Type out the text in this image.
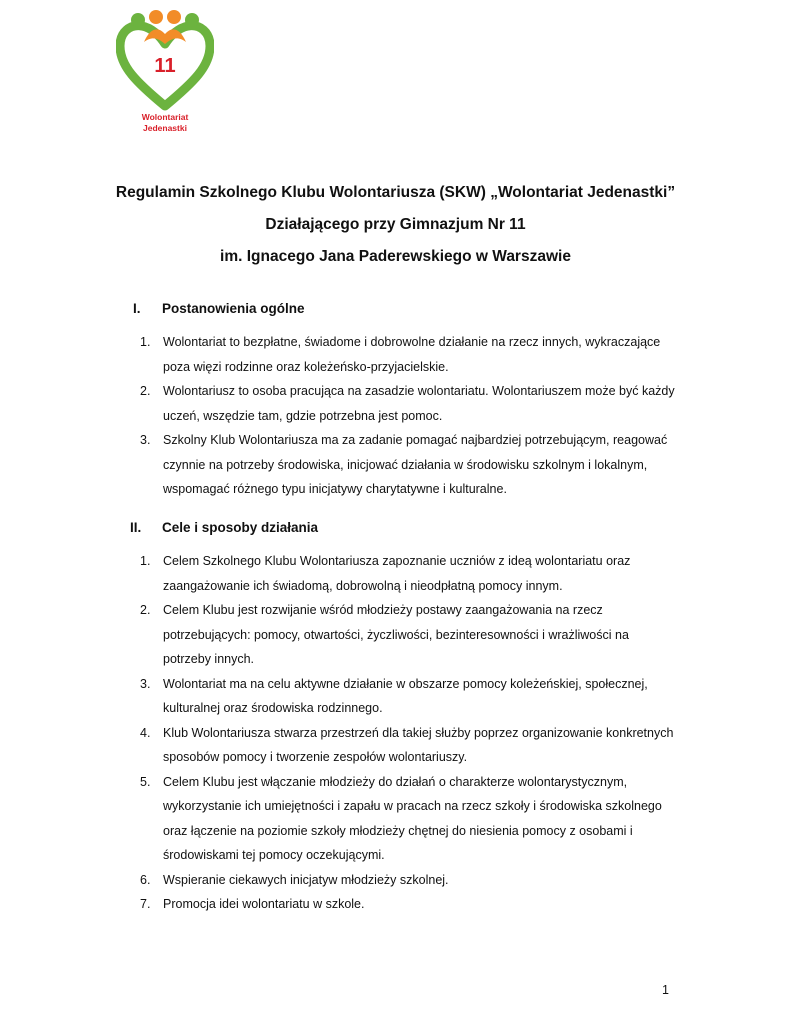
11
Wolontariat
Jedenastki
Regulamin Szkolnego Klubu Wolontariusza (SKW) „Wolontariat Jedenastki”
Działającego przy Gimnazjum Nr 11
im. Ignacego Jana Paderewskiego w Warszawie
I.	Postanowienia ogólne
1. Wolontariat to bezpłatne, świadome i dobrowolne działanie na rzecz innych, wykraczające
poza więzi rodzinne oraz koleżeńsko-przyjacielskie.
2. Wolontariusz to osoba pracująca na zasadzie wolontariatu. Wolontariuszem może być każdy
uczeń, wszędzie tam, gdzie potrzebna jest pomoc.
3. Szkolny Klub Wolontariusza ma za zadanie pomagać najbardziej potrzebującym, reagować
czynnie na potrzeby środowiska, inicjować działania w środowisku szkolnym i lokalnym,
wspomagać różnego typu inicjatywy charytatywne i kulturalne.
II.	Cele i sposoby działania
1. Celem Szkolnego Klubu Wolontariusza zapoznanie uczniów z ideą wolontariatu oraz
zaangażowanie ich świadomą, dobrowolną i nieodpłatną pomocy innym.
2. Celem Klubu jest rozwijanie wśród młodzieży postawy zaangażowania na rzecz
potrzebujących: pomocy, otwartości, życzliwości, bezinteresowności i wrażliwości na
potrzeby innych.
3. Wolontariat ma na celu aktywne działanie w obszarze pomocy koleżeńskiej, społecznej,
kulturalnej oraz środowiska rodzinnego.
4. Klub Wolontariusza stwarza przestrzeń dla takiej służby poprzez organizowanie konkretnych
sposobów pomocy i tworzenie zespołów wolontariuszy.
5. Celem Klubu jest włączanie młodzieży do działań o charakterze wolontarystycznym,
wykorzystanie ich umiejętności i zapału w pracach na rzecz szkoły i środowiska szkolnego
oraz łączenie na poziomie szkoły młodzieży chętnej do niesienia pomocy z osobami i
środowiskami tej pomocy oczekującymi.
6. Wspieranie ciekawych inicjatyw młodzieży szkolnej.
7. Promocja idei wolontariatu w szkole.
1
